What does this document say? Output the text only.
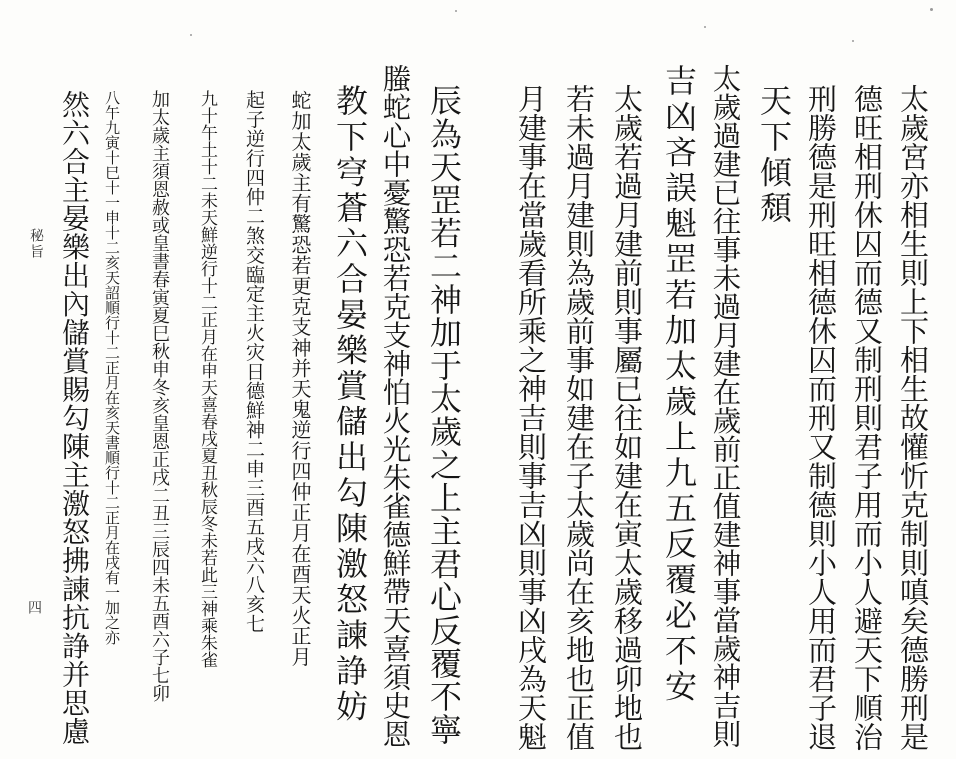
太歲宮亦相生則上下相生故懽忻克制則嗔矣德勝刑是
德旺相刑休囚而德又制刑則君子用而小人避天下順治
刑勝德是刑旺相德休囚而刑又制德則小人用而君子退
天下傾頹
太歲過建已往事未過月建在歲前正值建神事當歲神吉則
吉凶吝誤魁罡若加太歲上九五反覆必不安
太歲若過月建前則事屬已往如建在寅太歲移過卯地也
若未過月建則為歲前事如建在子太歲尚在亥地也正值
月建事在當歲看所乘之神吉則事吉凶則事凶戌為天魁
辰為天罡若二神加于太歲之上主君心反覆不寧
螣蛇心中憂驚恐若克支神怕火光朱雀德鮮帶天喜須史恩
教下穹蒼六合晏樂賞儲出勾陳激怒諫諍妨
蛇加太歲主有驚恐若更克支神并天鬼逆行四仲正月在酉天火正月
起子逆行四仲二煞交臨定主火灾日德鮮神二申三酉五戌六八亥七
九十午土十二未天鮮逆行十二正月在申天喜春戌夏丑秋辰冬未若此三神乘朱雀
加太歲主須恩赦或皇書春寅夏巳秋申冬亥皇恩正戌二丑三辰四未五酉六子七卯
八午九寅十巳十一申十二亥天詔順行十二正月在亥天書順行十二正月在戌有一加之亦
然六合主晏樂出內儲賞賜勾陳主激怒拂諫抗諍并思慮
秘旨
四
